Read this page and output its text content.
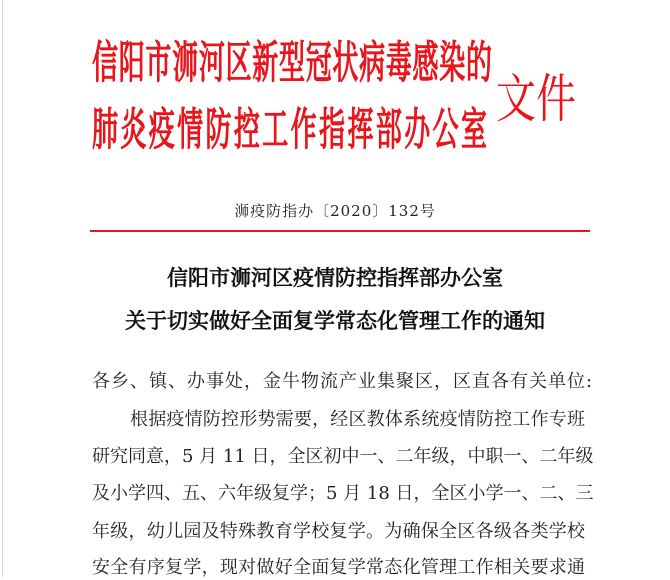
信阳市浉河区新型冠状病毒感染的
肺炎疫情防控工作指挥部办公室
文件
浉疫防指办〔2020〕132号
信阳市浉河区疫情防控指挥部办公室
关于切实做好全面复学常态化管理工作的通知
各乡、镇、办事处，金牛物流产业集聚区，区直各有关单位:
根据疫情防控形势需要，经区教体系统疫情防控工作专班
研究同意，5 月 11 日，全区初中一、二年级，中职一、二年级
及小学四、五、六年级复学；5 月 18 日，全区小学一、二、三
年级，幼儿园及特殊教育学校复学。为确保全区各级各类学校
安全有序复学，现对做好全面复学常态化管理工作相关要求通
